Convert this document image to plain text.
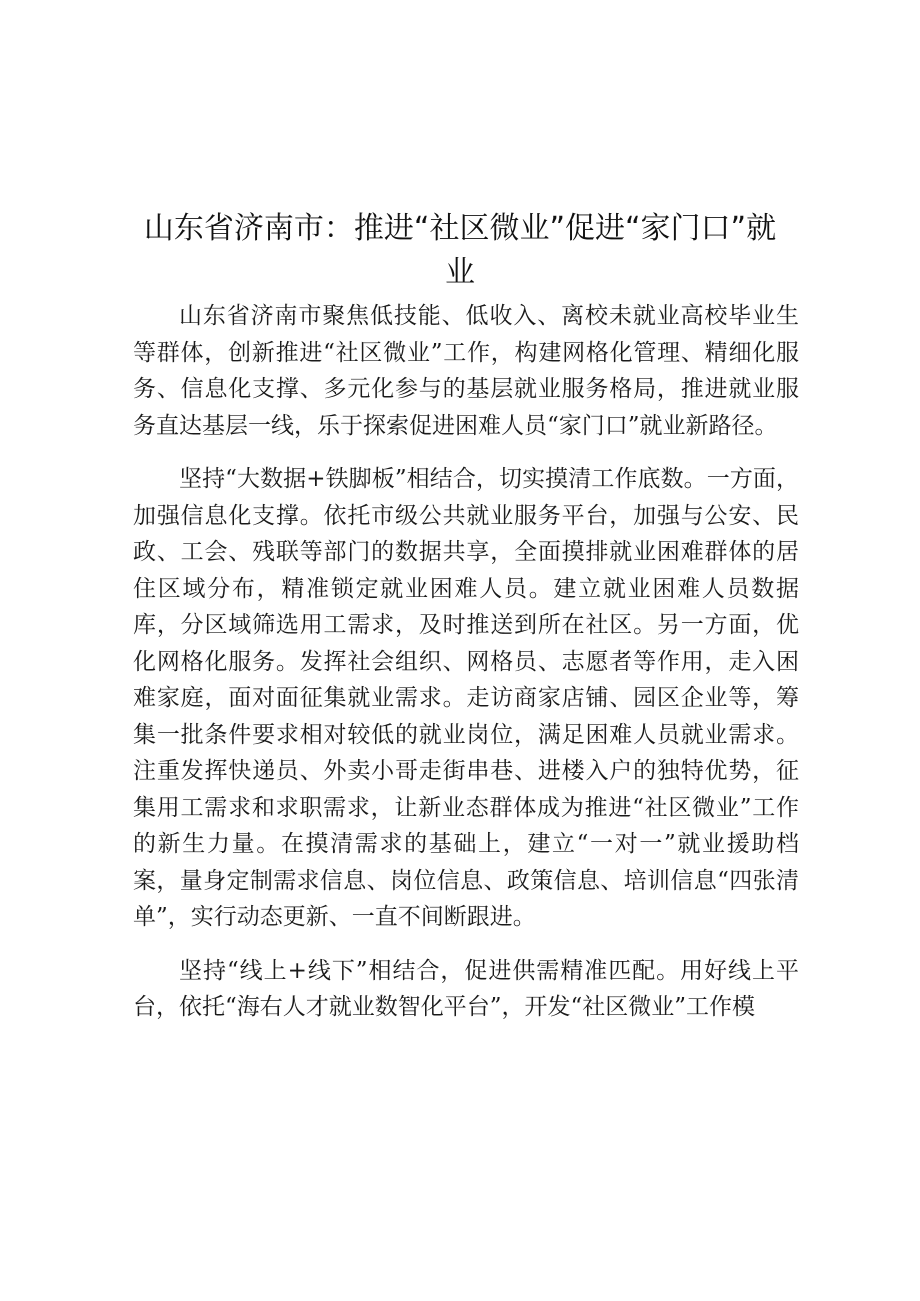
山东省济南市：推进“社区微业”促进“家门口”就业

山东省济南市聚焦低技能、低收入、离校未就业高校毕业生等群体，创新推进“社区微业”工作，构建网格化管理、精细化服务、信息化支撑、多元化参与的基层就业服务格局，推进就业服务直达基层一线，乐于探索促进困难人员“家门口”就业新路径。

坚持“大数据+铁脚板”相结合，切实摸清工作底数。一方面，加强信息化支撑。依托市级公共就业服务平台，加强与公安、民政、工会、残联等部门的数据共享，全面摸排就业困难群体的居住区域分布，精准锁定就业困难人员。建立就业困难人员数据库，分区域筛选用工需求，及时推送到所在社区。另一方面，优化网格化服务。发挥社会组织、网格员、志愿者等作用，走入困难家庭，面对面征集就业需求。走访商家店铺、园区企业等，筹集一批条件要求相对较低的就业岗位，满足困难人员就业需求。注重发挥快递员、外卖小哥走街串巷、进楼入户的独特优势，征集用工需求和求职需求，让新业态群体成为推进“社区微业”工作的新生力量。在摸清需求的基础上，建立“一对一”就业援助档案，量身定制需求信息、岗位信息、政策信息、培训信息“四张清单”，实行动态更新、一直不间断跟进。

坚持“线上+线下”相结合，促进供需精准匹配。用好线上平台，依托“海右人才就业数智化平台”，开发“社区微业”工作模
